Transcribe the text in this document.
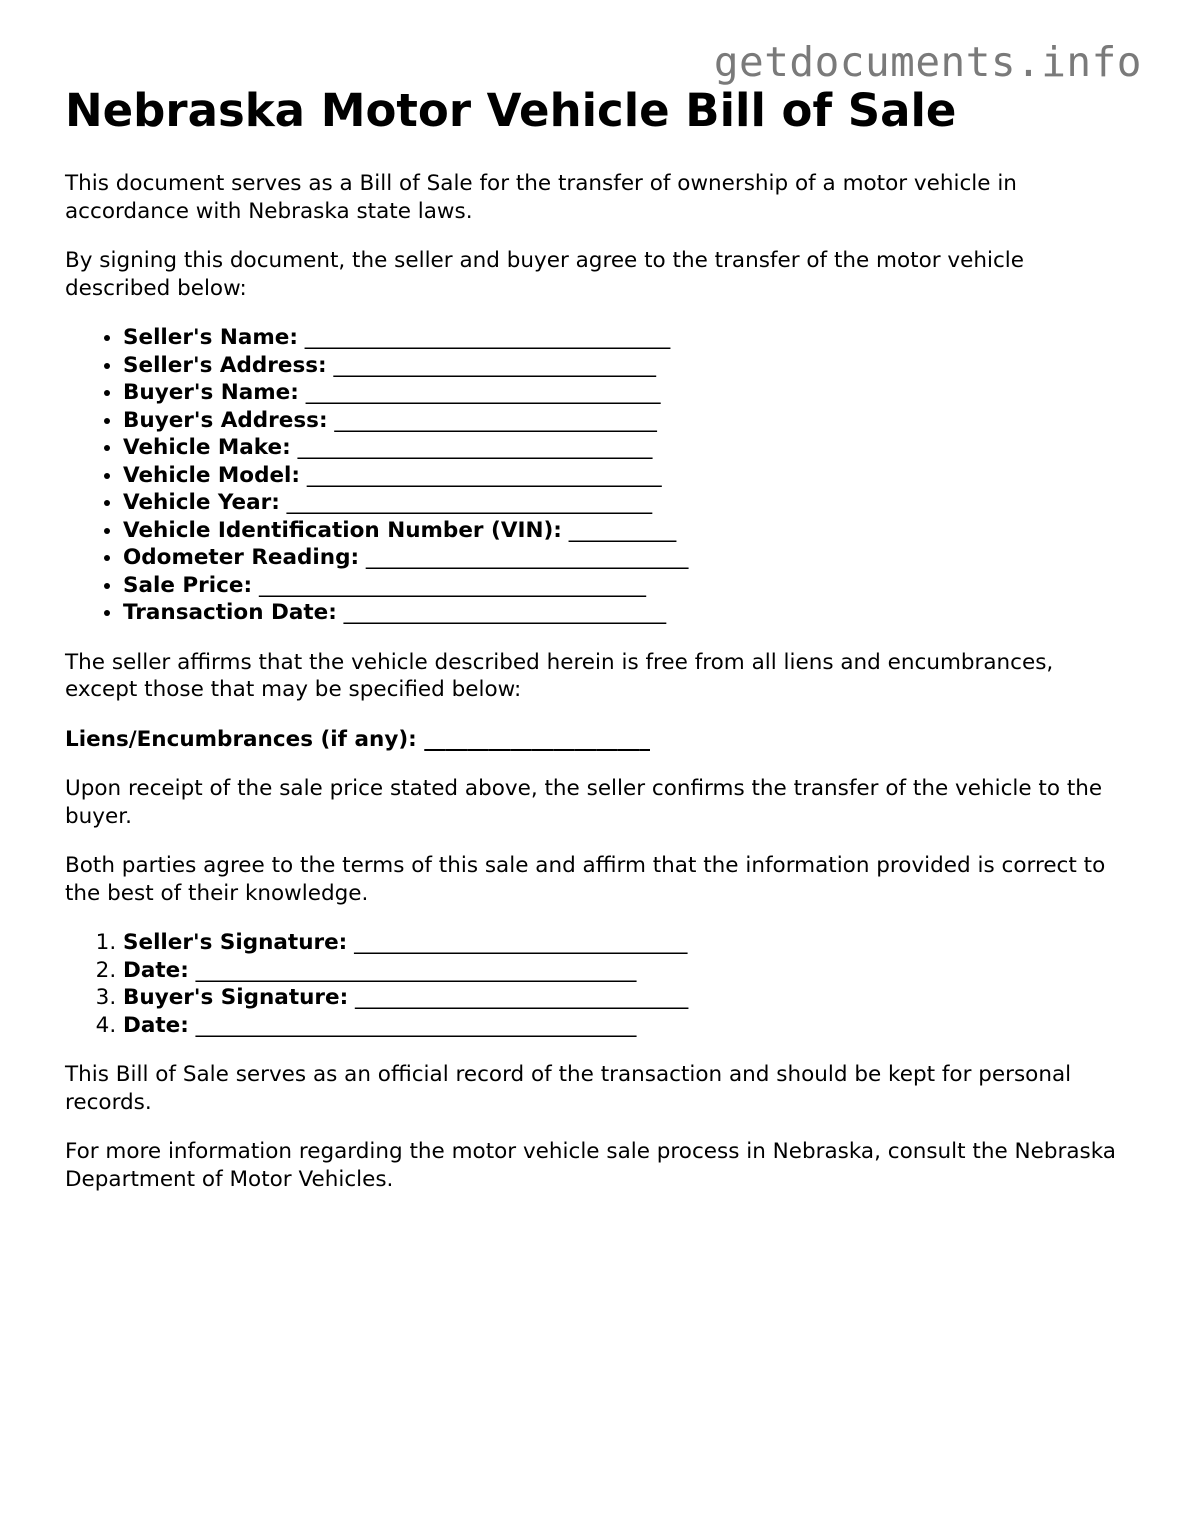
getdocuments.info
Nebraska Motor Vehicle Bill of Sale

This document serves as a Bill of Sale for the transfer of ownership of a motor vehicle in accordance with Nebraska state laws.

By signing this document, the seller and buyer agree to the transfer of the motor vehicle described below:

• Seller's Name: __________________________________
• Seller's Address: ______________________________
• Buyer's Name: _________________________________
• Buyer's Address: ______________________________
• Vehicle Make: _________________________________
• Vehicle Model: _________________________________
• Vehicle Year: __________________________________
• Vehicle Identification Number (VIN): __________
• Odometer Reading: ______________________________
• Sale Price: ____________________________________
• Transaction Date: ______________________________

The seller affirms that the vehicle described herein is free from all liens and encumbrances, except those that may be specified below:

Liens/Encumbrances (if any): _____________________

Upon receipt of the sale price stated above, the seller confirms the transfer of the vehicle to the buyer.

Both parties agree to the terms of this sale and affirm that the information provided is correct to the best of their knowledge.

1. Seller's Signature: _______________________________
2. Date: _________________________________________
3. Buyer's Signature: _______________________________
4. Date: _________________________________________

This Bill of Sale serves as an official record of the transaction and should be kept for personal records.

For more information regarding the motor vehicle sale process in Nebraska, consult the Nebraska Department of Motor Vehicles.
